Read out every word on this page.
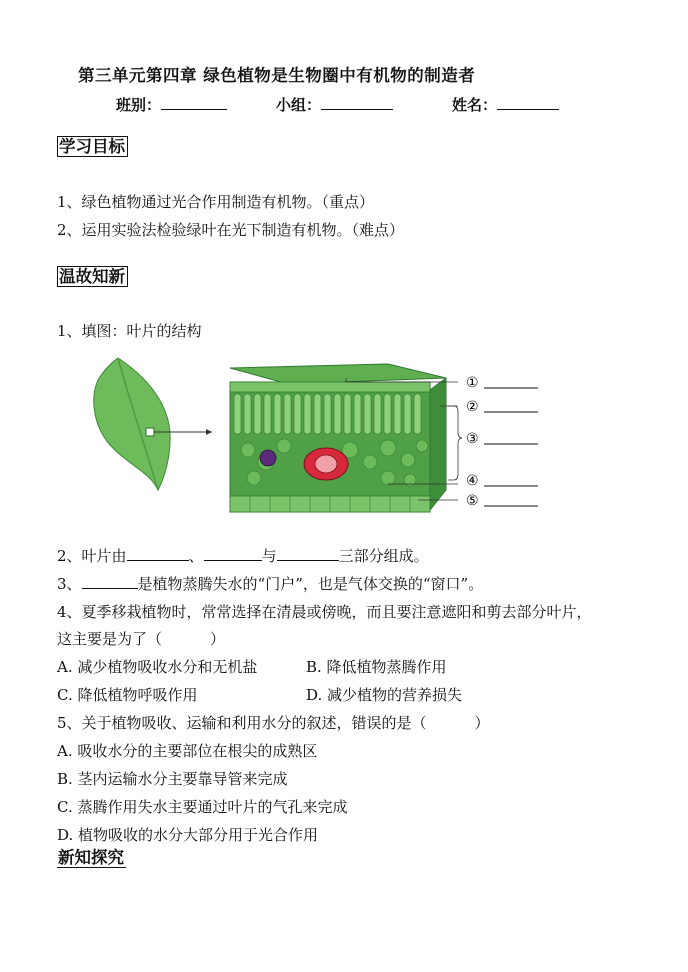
第三单元第四章 绿色植物是生物圈中有机物的制造者
班别：	小组：	姓名：
学习目标
1、绿色植物通过光合作用制造有机物。（重点）
2、运用实验法检验绿叶在光下制造有机物。（难点）
温故知新
1、填图：叶片的结构
①
②
③
④
⑤
2、叶片由	、	与	三部分组成。
3、	是植物蒸腾失水的“门户”，也是气体交换的“窗口”。
4、夏季移栽植物时，常常选择在清晨或傍晚，而且要注意遮阳和剪去部分叶片，
这主要是为了（	）
A. 减少植物吸收水分和无机盐	B. 降低植物蒸腾作用
C. 降低植物呼吸作用	D. 减少植物的营养损失
5、关于植物吸收、运输和利用水分的叙述，错误的是（	）
A. 吸收水分的主要部位在根尖的成熟区
B. 茎内运输水分主要靠导管来完成
C. 蒸腾作用失水主要通过叶片的气孔来完成
D. 植物吸收的水分大部分用于光合作用
新知探究
